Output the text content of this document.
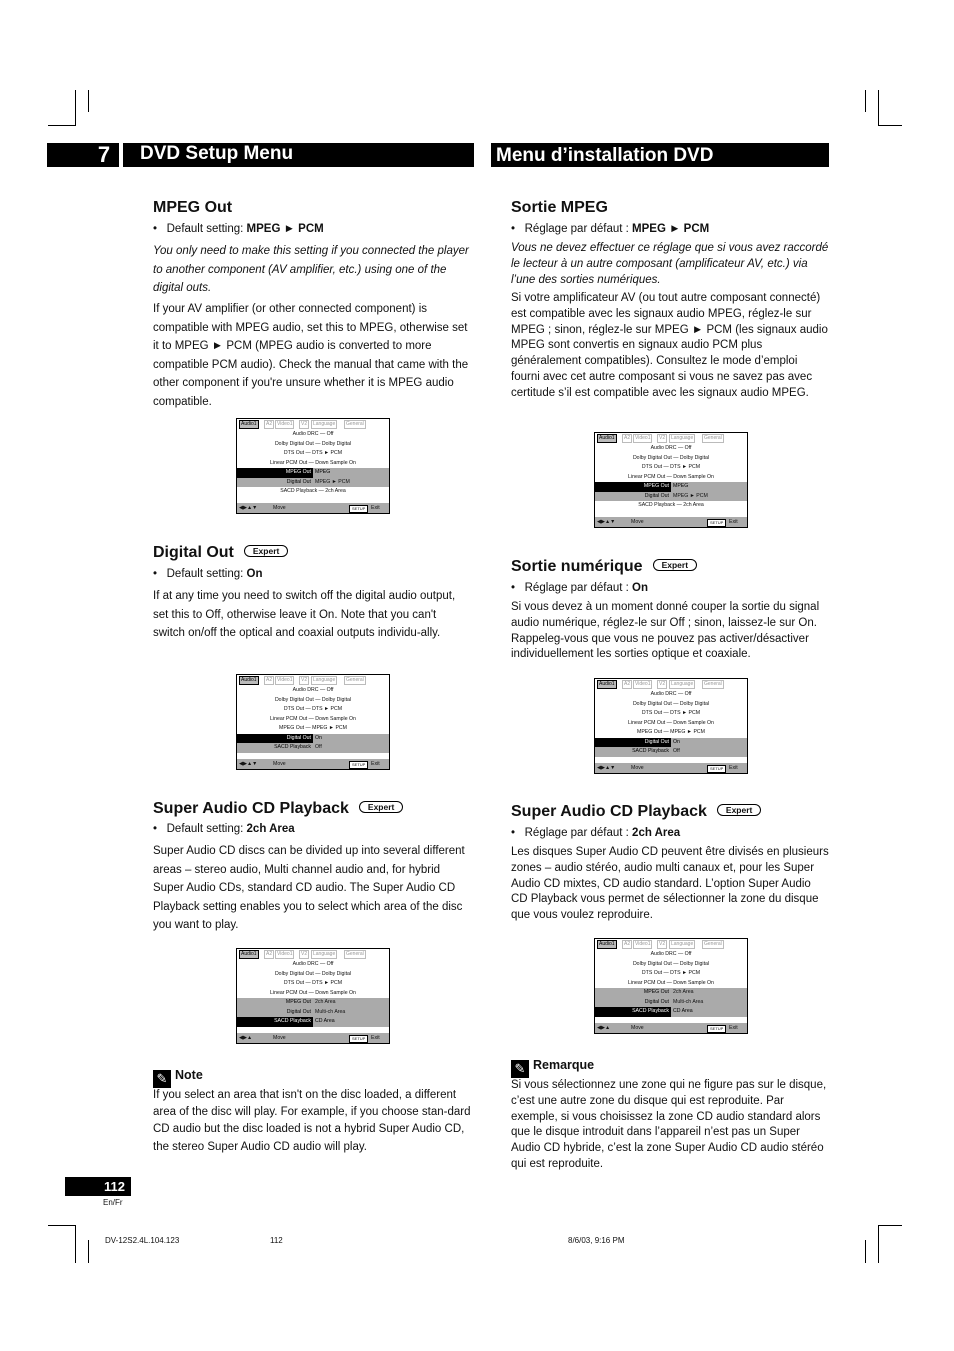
7	DVD Setup Menu	Menu d’installation DVD
MPEG Out
•   Default setting: MPEG ► PCM
You only need to make this setting if you connected the player to another component (AV amplifier, etc.) using one of the digital outs.
If your AV amplifier (or other connected component) is compatible with MPEG audio, set this to MPEG, otherwise set it to MPEG ► PCM (MPEG audio is converted to more compatible PCM audio). Check the manual that came with the other component if you're unsure whether it is MPEG audio compatible.
Audio1	A2 Video1	V2	Language	General
Audio DRC — Off
Dolby Digital Out — Dolby Digital
DTS Out — DTS ► PCM
Linear PCM Out — Down Sample On
MPEG Out MPEG
Digital Out MPEG ► PCM
SACD Playback — 2ch Area
◀▶▲▼	Move	SETUP	Exit
Digital Out Expert
•   Default setting: On
If at any time you need to switch off the digital audio output, set this to Off, otherwise leave it On. Note that you can't switch on/off the optical and coaxial outputs individu-ally.
Audio1	A2 Video1	V2	Language	General
Audio DRC — Off
Dolby Digital Out — Dolby Digital
DTS Out — DTS ► PCM
Linear PCM Out — Down Sample On
MPEG Out — MPEG ► PCM
Digital Out On
SACD Playback Off
◀▶▲▼	Move	SETUP	Exit
Super Audio CD Playback Expert
•   Default setting: 2ch Area
Super Audio CD discs can be divided up into several different areas – stereo audio, Multi channel audio and, for hybrid Super Audio CDs, standard CD audio. The Super Audio CD Playback setting enables you to select which area of the disc you want to play.
Audio1	A2 Video1	V2	Language	General
Audio DRC — Off
Dolby Digital Out — Dolby Digital
DTS Out — DTS ► PCM
Linear PCM Out — Down Sample On
MPEG Out 2ch Area
Digital Out Multi-ch Area
SACD Playback CD Area
◀▶▲	Move	SETUP	Exit
✎ Note
If you select an area that isn't on the disc loaded, a different area of the disc will play. For example, if you choose stan-dard CD audio but the disc loaded is not a hybrid Super Audio CD, the stereo Super Audio CD audio will play.
Sortie MPEG
•   Réglage par défaut : MPEG ► PCM
Vous ne devez effectuer ce réglage que si vous avez raccordé le lecteur à un autre composant (amplificateur AV, etc.) via l’une des sorties numériques.
Si votre amplificateur AV (ou tout autre composant connecté) est compatible avec les signaux audio MPEG, réglez-le sur MPEG ; sinon, réglez-le sur MPEG ► PCM (les signaux audio MPEG sont convertis en signaux audio PCM plus généralement compatibles). Consultez le mode d’emploi fourni avec cet autre composant si vous ne savez pas avec certitude s’il est compatible avec les signaux audio MPEG.
Audio1	A2 Video1	V2	Language	General
Audio DRC — Off
Dolby Digital Out — Dolby Digital
DTS Out — DTS ► PCM
Linear PCM Out — Down Sample On
MPEG Out MPEG
Digital Out MPEG ► PCM
SACD Playback — 2ch Area
◀▶▲▼	Move	SETUP	Exit
Sortie numérique Expert
•   Réglage par défaut : On
Si vous devez à un moment donné couper la sortie du signal audio numérique, réglez-le sur Off ; sinon, laissez-le sur On. Rappeleg-vous que vous ne pouvez pas activer/désactiver individuellement les sorties optique et coaxiale.
Audio1	A2 Video1	V2	Language	General
Audio DRC — Off
Dolby Digital Out — Dolby Digital
DTS Out — DTS ► PCM
Linear PCM Out — Down Sample On
MPEG Out — MPEG ► PCM
Digital Out On
SACD Playback Off
◀▶▲▼	Move	SETUP	Exit
Super Audio CD Playback Expert
•   Réglage par défaut : 2ch Area
Les disques Super Audio CD peuvent être divisés en plusieurs zones – audio stéréo, audio multi canaux et, pour les Super Audio CD mixtes, CD audio standard. L’option Super Audio CD Playback vous permet de sélectionner la zone du disque que vous voulez reproduire.
Audio1	A2 Video1	V2	Language	General
Audio DRC — Off
Dolby Digital Out — Dolby Digital
DTS Out — DTS ► PCM
Linear PCM Out — Down Sample On
MPEG Out 2ch Area
Digital Out Multi-ch Area
SACD Playback CD Area
◀▶▲	Move	SETUP	Exit
✎ Remarque
Si vous sélectionnez une zone qui ne figure pas sur le disque, c’est une autre zone du disque qui est reproduite. Par exemple, si vous choisissez la zone CD audio standard alors que le disque introduit dans l’appareil n’est pas un Super Audio CD hybride, c’est la zone Super Audio CD audio stéréo qui est reproduite.
112
En/Fr
DV-12S2.4L.104.123	112	8/6/03, 9:16 PM
